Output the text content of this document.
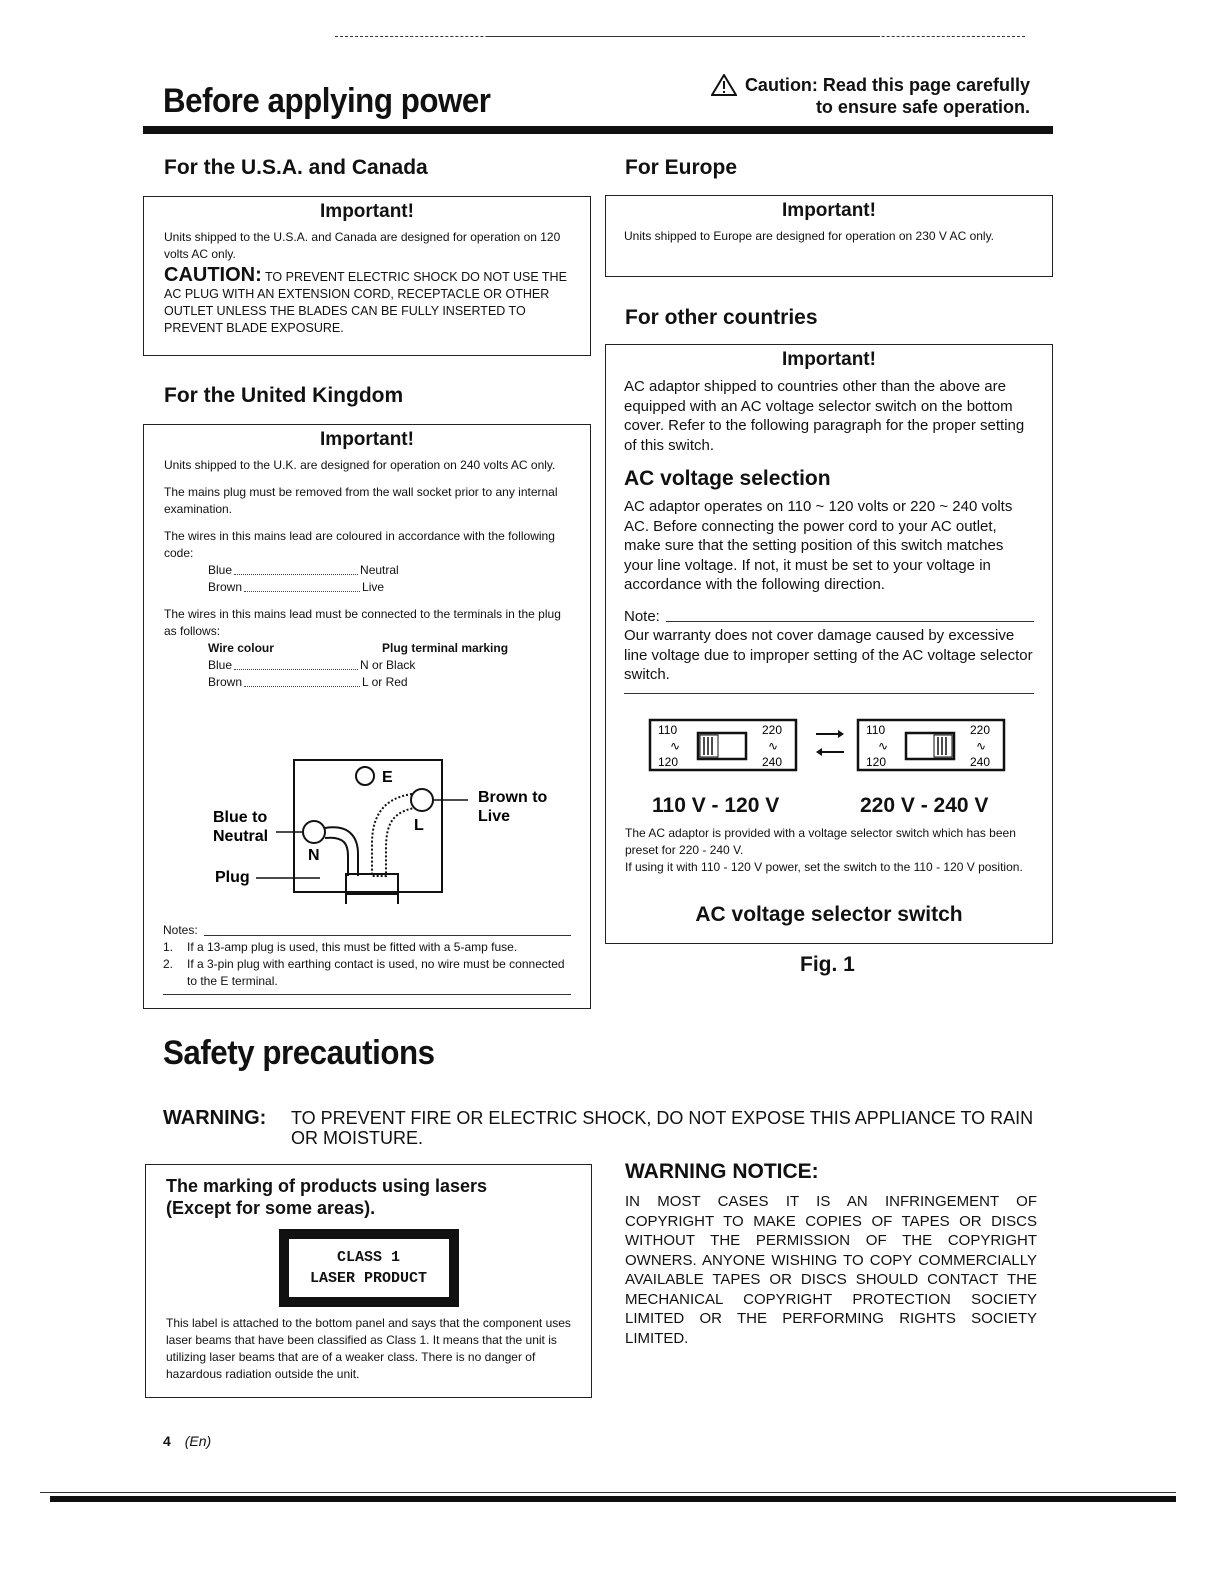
Before applying power	Caution: Read this page carefully
to ensure safe operation.
For the U.S.A. and Canada
Important!
Units shipped to the U.S.A. and Canada are designed for operation on 120 volts AC only.
CAUTION: TO PREVENT ELECTRIC SHOCK DO NOT USE THE AC PLUG WITH AN EXTENSION CORD, RECEPTACLE OR OTHER OUTLET UNLESS THE BLADES CAN BE FULLY INSERTED TO PREVENT BLADE EXPOSURE.
For the United Kingdom
Important!
Units shipped to the U.K. are designed for operation on 240 volts AC only.
The mains plug must be removed from the wall socket prior to any internal examination.
The wires in this mains lead are coloured in accordance with the following code:
Blue	Neutral
Brown	Live
The wires in this mains lead must be connected to the terminals in the plug as follows:
Wire colour	Plug terminal marking
Blue	N or Black
Brown	L or Red
E
L
N
Blue to
Neutral
Brown to
Live
Plug
Notes:
1.	If a 13-amp plug is used, this must be fitted with a 5-amp fuse.
2.	If a 3-pin plug with earthing contact is used, no wire must be connected to the E terminal.
For Europe
Important!
Units shipped to Europe are designed for operation on 230 V AC only.
For other countries
Important!
AC adaptor shipped to countries other than the above are equipped with an AC voltage selector switch on the bottom cover. Refer to the following paragraph for the proper setting of this switch.
AC voltage selection
AC adaptor operates on 110 ~ 120 volts or 220 ~ 240 volts AC. Before connecting the power cord to your AC outlet, make sure that the setting position of this switch matches your line voltage. If not, it must be set to your voltage in accordance with the following direction.
Note:
Our warranty does not cover damage caused by excessive line voltage due to improper setting of the AC voltage selector switch.
110	220
∿	∿
120	240
110	220
∿	∿
120	240
110 V - 120 V	220 V - 240 V
The AC adaptor is provided with a voltage selector switch which has been preset for 220 - 240 V.
If using it with 110 - 120 V power, set the switch to the 110 - 120 V position.
AC voltage selector switch
Fig. 1
Safety precautions
WARNING:	TO PREVENT FIRE OR ELECTRIC SHOCK, DO NOT EXPOSE THIS APPLIANCE TO RAIN OR MOISTURE.
The marking of products using lasers
(Except for some areas).
CLASS 1
LASER PRODUCT
This label is attached to the bottom panel and says that the component uses laser beams that have been classified as Class 1. It means that the unit is utilizing laser beams that are of a weaker class. There is no danger of hazardous radiation outside the unit.
WARNING NOTICE:
IN MOST CASES IT IS AN INFRINGEMENT OF COPYRIGHT TO MAKE COPIES OF TAPES OR DISCS WITHOUT THE PERMISSION OF THE COPYRIGHT OWNERS. ANYONE WISHING TO COPY COMMERCIALLY AVAILABLE TAPES OR DISCS SHOULD CONTACT THE MECHANICAL COPYRIGHT PROTECTION SOCIETY LIMITED OR THE PERFORMING RIGHTS SOCIETY LIMITED.
4 (En)
